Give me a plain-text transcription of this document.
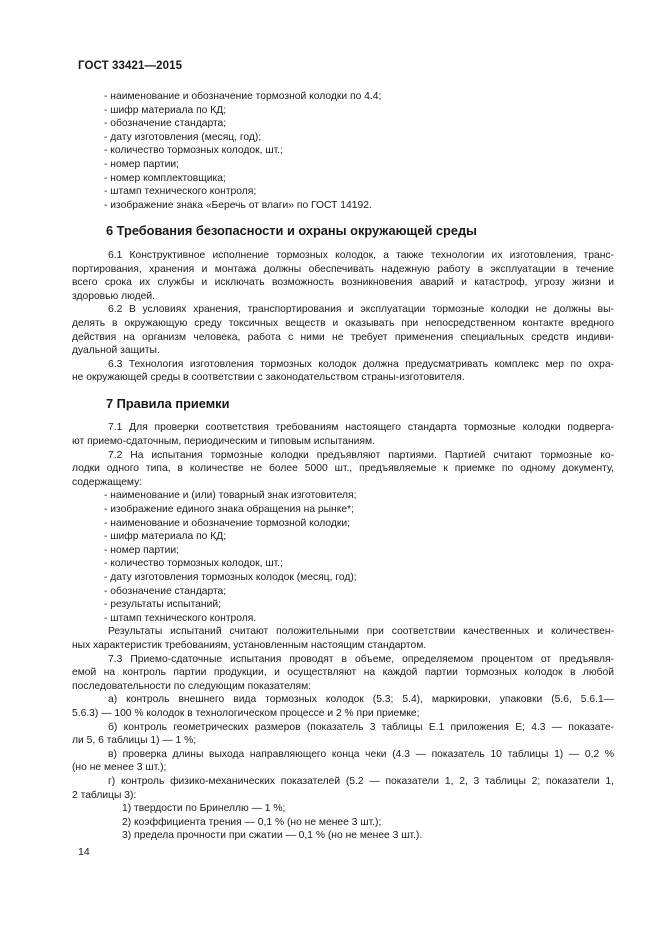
ГОСТ 33421—2015
- наименование и обозначение тормозной колодки по 4.4;
- шифр материала по КД;
- обозначение стандарта;
- дату изготовления (месяц, год);
- количество тормозных колодок, шт.;
- номер партии;
- номер комплектовщика;
- штамп технического контроля;
- изображение знака «Беречь от влаги» по ГОСТ 14192.
6 Требования безопасности и охраны окружающей среды
6.1 Конструктивное исполнение тормозных колодок, а также технологии их изготовления, транс-
портирования, хранения и монтажа должны обеспечивать надежную работу в эксплуатации в течение
всего срока их службы и исключать возможность возникновения аварий и катастроф, угрозу жизни и
здоровью людей.
6.2 В условиях хранения, транспортирования и эксплуатации тормозные колодки не должны вы-
делять в окружающую среду токсичных веществ и оказывать при непосредственном контакте вредного
действия на организм человека, работа с ними не требует применения специальных средств индиви-
дуальной защиты.
6.3 Технология изготовления тормозных колодок должна предусматривать комплекс мер по охра-
не окружающей среды в соответствии с законодательством страны-изготовителя.
7 Правила приемки
7.1 Для проверки соответствия требованиям настоящего стандарта тормозные колодки подверга-
ют приемо-сдаточным, периодическим и типовым испытаниям.
7.2 На испытания тормозные колодки предъявляют партиями. Партией считают тормозные ко-
лодки одного типа, в количестве не более 5000 шт., предъявляемые к приемке по одному документу,
содержащему:
- наименование и (или) товарный знак изготовителя;
- изображение единого знака обращения на рынке*;
- наименование и обозначение тормозной колодки;
- шифр материала по КД;
- номер партии;
- количество тормозных колодок, шт.;
- дату изготовления тормозных колодок (месяц, год);
- обозначение стандарта;
- результаты испытаний;
- штамп технического контроля.
Результаты испытаний считают положительными при соответствии качественных и количествен-
ных характеристик требованиям, установленным настоящим стандартом.
7.3 Приемо-сдаточные испытания проводят в объеме, определяемом процентом от предъявля-
емой на контроль партии продукции, и осуществляют на каждой партии тормозных колодок в любой
последовательности по следующим показателям:
а) контроль внешнего вида тормозных колодок (5.3; 5.4), маркировки, упаковки (5.6, 5.6.1—
5.6.3) — 100 % колодок в технологическом процессе и 2 % при приемке;
б) контроль геометрических размеров (показатель 3 таблицы Е.1 приложения Е; 4.3 — показате-
ли 5, 6 таблицы 1) — 1 %;
в) проверка длины выхода направляющего конца чеки (4.3 — показатель 10 таблицы 1) — 0,2 %
(но не менее 3 шт.);
г) контроль физико-механических показателей (5.2 — показатели 1, 2, 3 таблицы 2; показатели 1,
2 таблицы 3):
1) твердости по Бринеллю — 1 %;
2) коэффициента трения — 0,1 % (но не менее 3 шт.);
3) предела прочности при сжатии — 0,1 % (но не менее 3 шт.).
14
